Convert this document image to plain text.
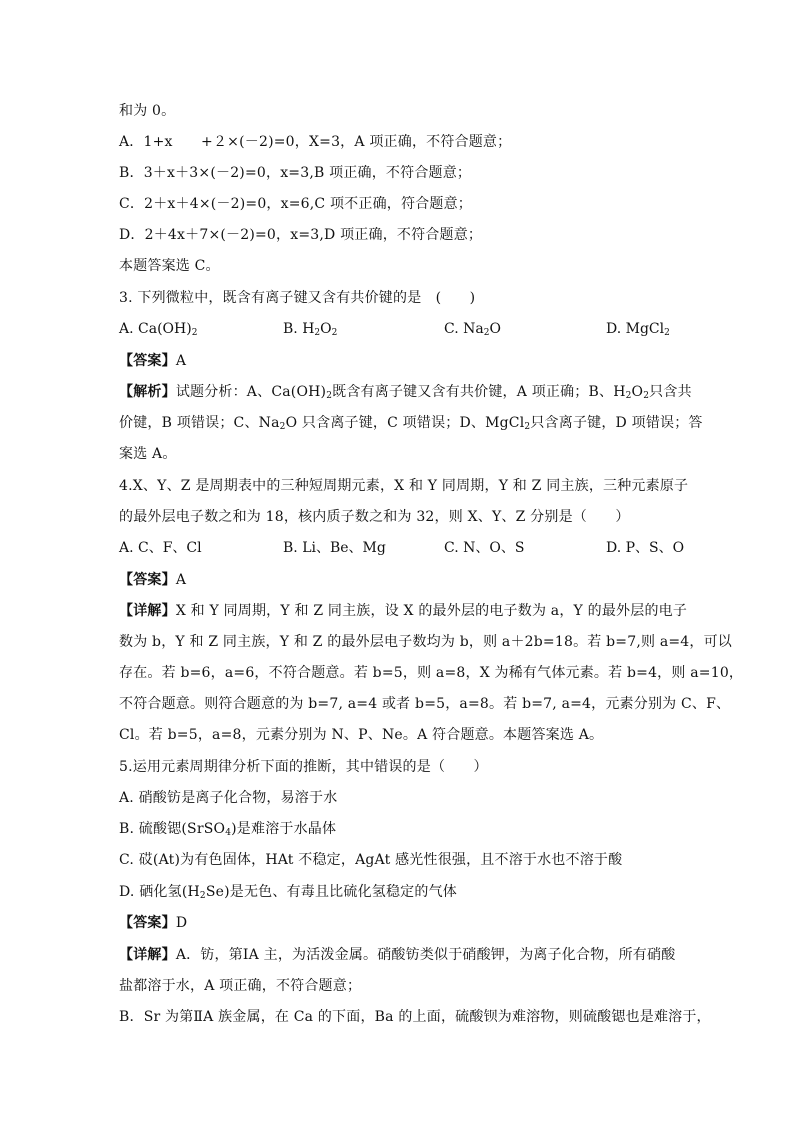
和为 0。
A．1+x　　+２×(－2)=0，X=3，A 项正确，不符合题意；
B．3＋x＋3×(－2)=0，x=3,B 项正确，不符合题意；
C．2＋x＋4×(－2)=0，x=6,C 项不正确，符合题意；
D．2＋4x＋7×(－2)=0，x=3,D 项正确，不符合题意；
本题答案选 C。
3. 下列微粒中，既含有离子键又含有共价键的是　(　　)
A. $Ca(OH)_2$	B. $H_2O_2$	C. $Na_2O$	D. MgCl$_2$
【答案】A
【解析】试题分析：A、$Ca(OH)_2$既含有离子键又含有共价键，A 项正确；B、$H_2O_2$只含共
价键，B 项错误；C、$Na_2O$ 只含离子键，C 项错误；D、MgCl$_2$只含离子键，D 项错误；答
案选 A。
4.X、Y、Z 是周期表中的三种短周期元素，X 和 Y 同周期，Y 和 Z 同主族，三种元素原子
的最外层电子数之和为 18，核内质子数之和为 32，则 X、Y、Z 分别是（　　）
A. C、F、Cl	B. Li、Be、Mg	C. N、O、S	D. P、S、O
【答案】A
【详解】X 和 Y 同周期，Y 和 Z 同主族，设 X 的最外层的电子数为 a，Y 的最外层的电子
数为 b，Y 和 Z 同主族，Y 和 Z 的最外层电子数均为 b，则 a＋2b=18。若 b=7,则 a=4，可以
存在。若 b=6，a=6，不符合题意。若 b=5，则 a=8，X 为稀有气体元素。若 b=4，则 a=10，
不符合题意。则符合题意的为 b=7, a=4 或者 b=5，a=8。若 b=7, a=4，元素分别为 C、F、
Cl。若 b=5，a=8，元素分别为 N、P、Ne。A 符合题意。本题答案选 A。
5.运用元素周期律分析下面的推断，其中错误的是（　　）
A. 硝酸钫是离子化合物，易溶于水
B. 硫酸锶(SrSO$_4$)是难溶于水晶体
C. 砹(At)为有色固体，HAt 不稳定，AgAt 感光性很强，且不溶于水也不溶于酸
D. 硒化氢$(H_2Se)$是无色、有毒且比硫化氢稳定的气体
【答案】D
【详解】A．钫，第ⅠA 主，为活泼金属。硝酸钫类似于硝酸钾，为离子化合物，所有硝酸
盐都溶于水，A 项正确，不符合题意；
B．Sr 为第ⅡA 族金属，在 Ca 的下面，Ba 的上面，硫酸钡为难溶物，则硫酸锶也是难溶于，
